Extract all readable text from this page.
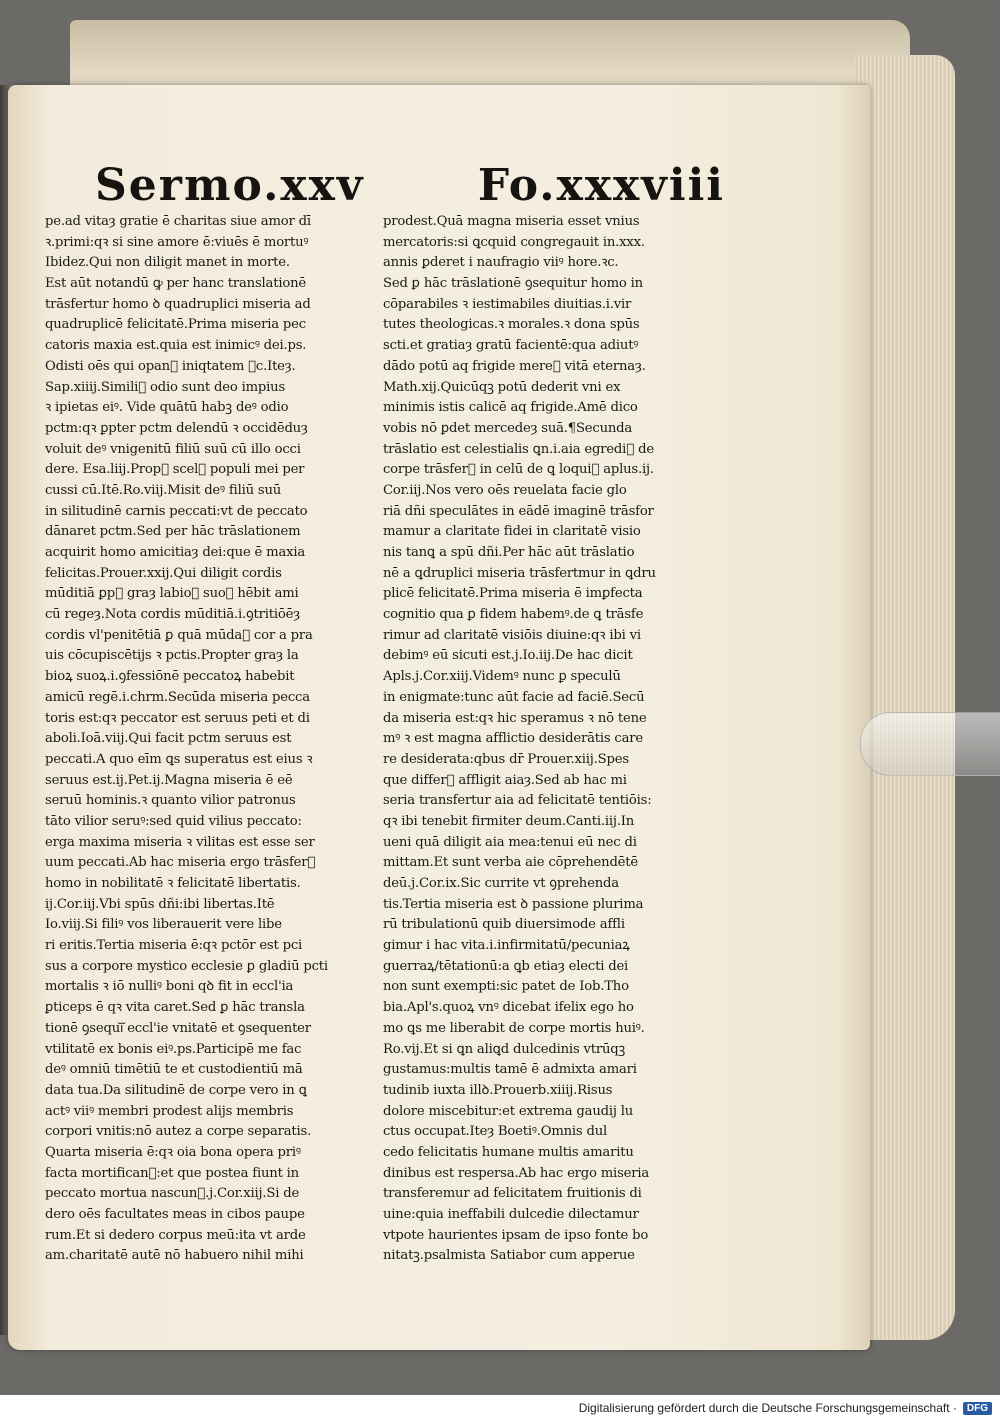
Sermo.xxv	Fo.xxxviii
pe.ad vitaȝ gratie ē charitas siue amor dī
ꝛ.primi:qꝛ si sine amore ē:viuēs ē mortuꝰ
Ibidez.Qui non diligit manet in morte.
Est aūt notandū ꝙ per hanc translationē
trāsfertur homo ꝺ quadruplici miseria ad
quadruplicē felicitatē.Prima miseria pec
catoris maxia est.quia est inimicꝰ dei.ps.
Odisti oēs qui opanᷓ iniqtatem ꝛc.Iteȝ.
Sap.xiiij.Similiᷓ odio sunt deo impius
ꝛ ipietas eiꝰ. Vide quātū habꝫ deꝰ odio
pctm:qꝛ ꝑpter pctm delendū ꝛ occidēduȝ
voluit deꝰ vnigenitū filiū suū cū illo occi
dere. Esa.liij.Propᷓ scelꝰ populi mei per
cussi cū.Itē.Ro.viij.Misit deꝰ filiū suū
in silitudinē carnis peccati:vt de peccato
dānaret pctm.Sed per hāc trāslationem
acquirit homo amicitiaȝ dei:que ē maxia
felicitas.Prouer.xxij.Qui diligit cordis
mūditiā ꝑpᷓ graȝ labioꝝ suoꝝ hēbit ami
cū regeȝ.Nota cordis mūditiā.i.ꝯtritiōēȝ
cordis vl'penitētiā ꝑ quā mūdaᷓ cor a pra
uis cōcupiscētijs ꝛ pctis.Propter graȝ la
bioꝝ suoꝝ.i.ꝯfessiōnē peccatoꝝ habebit
amicū regē.i.chrm.Secūda miseria pecca
toris est:qꝛ peccator est seruus peti et di
aboli.Ioā.viij.Qui facit pctm seruus est
peccati.A quo eīm ꝗs superatus est eius ꝛ
seruus est.ij.Pet.ij.Magna miseria ē eē
seruū hominis.ꝛ quanto vilior patronus
tāto vilior seruꝰ:sed quid vilius peccato:
erga maxima miseria ꝛ vilitas est esse ser
uum peccati.Ab hac miseria ergo trāsferᷓ
homo in nobilitatē ꝛ felicitatē libertatis.
ij.Cor.iij.Vbi spūs dñi:ibi libertas.Itē
Io.viij.Si filiꝰ vos liberauerit vere libe
ri eritis.Tertia miseria ē:qꝛ pctōr est pci
sus a corpore mystico ecclesie ꝑ gladiū pcti
mortalis ꝛ iō nulliꝰ boni qꝺ fit in eccl'ia
ꝑticeps ē qꝛ vita caret.Sed ꝑ hāc transla
tionē ꝯsequiᷓ eccl'ie vnitatē et ꝯsequenter
vtilitatē ex bonis eiꝰ.ps.Participē me fac
deꝰ omniū timētiū te et custodientiū mā
data tua.Da silitudinē de corpe vero in ꝗ
actꝰ viiꝰ membri prodest alijs membris
corpori vnitis:nō autez a corpe separatis.
Quarta miseria ē:qꝛ oia bona opera priꝰ
facta mortificanᷓ:et que postea fiunt in
peccato mortua nascunᷓ.j.Cor.xiij.Si de
dero oēs facultates meas in cibos paupe
rum.Et si dedero corpus meū:ita vt arde
am.charitatē autē nō habuero nihil mihi
prodest.Quā magna miseria esset vnius
mercatoris:si ꝗcquid congregauit in.xxx.
annis ꝑderet i naufragio viiꝰ hore.ꝛc.
Sed ꝑ hāc trāslationē ꝯsequitur homo in
cōparabiles ꝛ iestimabiles diuitias.i.vir
tutes theologicas.ꝛ morales.ꝛ dona spūs
scti.et gratiaȝ gratū facientē:qua adiutꝰ
dādo potū aq frigide mereᷓ vitā eternaȝ.
Math.xij.Quicūqꝫ potū dederit vni ex
minimis istis calicē aq frigide.Amē dico
vobis nō ꝑdet mercedeȝ suā.¶Secunda
trāslatio est celestialis ꝗn.i.aia egrediᷓ de
corpe trāsferᷓ in celū de ꝗ loquiᷓ aplus.ij.
Cor.iij.Nos vero oēs reuelata facie glo
riā dñi speculātes in eādē imaginē trāsfor
mamur a claritate fidei in claritatē visio
nis tanꝗ a spū dñi.Per hāc aūt trāslatio
nē a ꝗdruplici miseria trāsfertmur in ꝗdru
plicē felicitatē.Prima miseria ē imꝑfecta
cognitio qua ꝑ fidem habemꝰ.de ꝗ trāsfe
rimur ad claritatē visiōis diuine:qꝛ ibi vi
debimꝰ eū sicuti est.j.Io.iij.De hac dicit
Apls.j.Cor.xiij.Videmꝰ nunc ꝑ speculū
in enigmate:tunc aūt facie ad faciē.Secū
da miseria est:qꝛ hic speramus ꝛ nō tene
mꝰ ꝛ est magna afflictio desiderātis care
re desiderata:qbus dr̄ Prouer.xiij.Spes
que differᷓ affligit aiaȝ.Sed ab hac mi
seria transfertur aia ad felicitatē tentiōis:
qꝛ ibi tenebit firmiter deum.Canti.iij.In
ueni quā diligit aia mea:tenui eū nec di
mittam.Et sunt verba aie cōprehendētē
deū.j.Cor.ix.Sic currite vt ꝯprehenda
tis.Tertia miseria est ꝺ passione plurima
rū tribulationū quib diuersimode affli
gimur i hac vita.i.infirmitatū/pecuniaꝝ
guerraꝝ/tētationū:a ꝗb etiaȝ electi dei
non sunt exempti:sic patet de Iob.Tho
bia.Apl's.quoꝝ vnꝰ dicebat ifelix ego ho
mo ꝗs me liberabit de corpe mortis huiꝰ.
Ro.vij.Et si ꝗn aliꝗd dulcedinis vtrūqꝫ
gustamus:multis tamē ē admixta amari
tudinib iuxta illꝺ.Prouerb.xiiij.Risus
dolore miscebitur:et extrema gaudij lu
ctus occupat.Iteȝ Boetiꝰ.Omnis dul
cedo felicitatis humane multis amaritu
dinibus est respersa.Ab hac ergo miseria
transferemur ad felicitatem fruitionis di
uine:quia ineffabili dulcedie dilectamur
vtpote haurientes ipsam de ipso fonte bo
nitatꝫ.psalmista Satiabor cum apperue
Digitalisierung gefördert durch die Deutsche Forschungsgemeinschaft ·	DFG
